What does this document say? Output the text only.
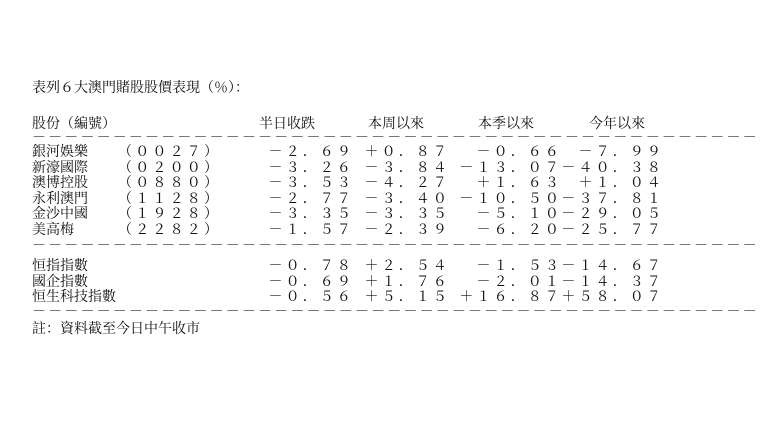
表列６大澳門賭股股價表現（％）：
股份（編號）	半日收跌	本周以來	本季以來	今年以來
－－－－－－－－－－－－－－－－－－－－－－－－－－－－－－－－－－－－－－－－－－－－－
銀河娛樂 （００２７）	－２．６９ ＋０．８７ －０．６６ －７．９９
新濠國際 （０２００）	－３．２６ －３．８４ －１３．０７ －４０．３８
澳博控股 （０８８０）	－３．５３ －４．２７ ＋１．６３ ＋１．０４
永利澳門 （１１２８）	－２．７７ －３．４０ －１０．５０ －３７．８１
金沙中國 （１９２８）	－３．３５ －３．３５ －５．１０ －２９．０５
美高梅	（２２８２）	－１．５７ －２．３９ －６．２０ －２５．７７
－－－－－－－－－－－－－－－－－－－－－－－－－－－－－－－－－－－－－－－－－－－－－
恒指指數	－０．７８ ＋２．５４ －１．５３ －１４．６７
國企指數	－０．６９ ＋１．７６ －２．０１ －１４．３７
恒生科技指數	－０．５６ ＋５．１５ ＋１６．８７ ＋５８．０７
－－－－－－－－－－－－－－－－－－－－－－－－－－－－－－－－－－－－－－－－－－－－－
註：資料截至今日中午收市
